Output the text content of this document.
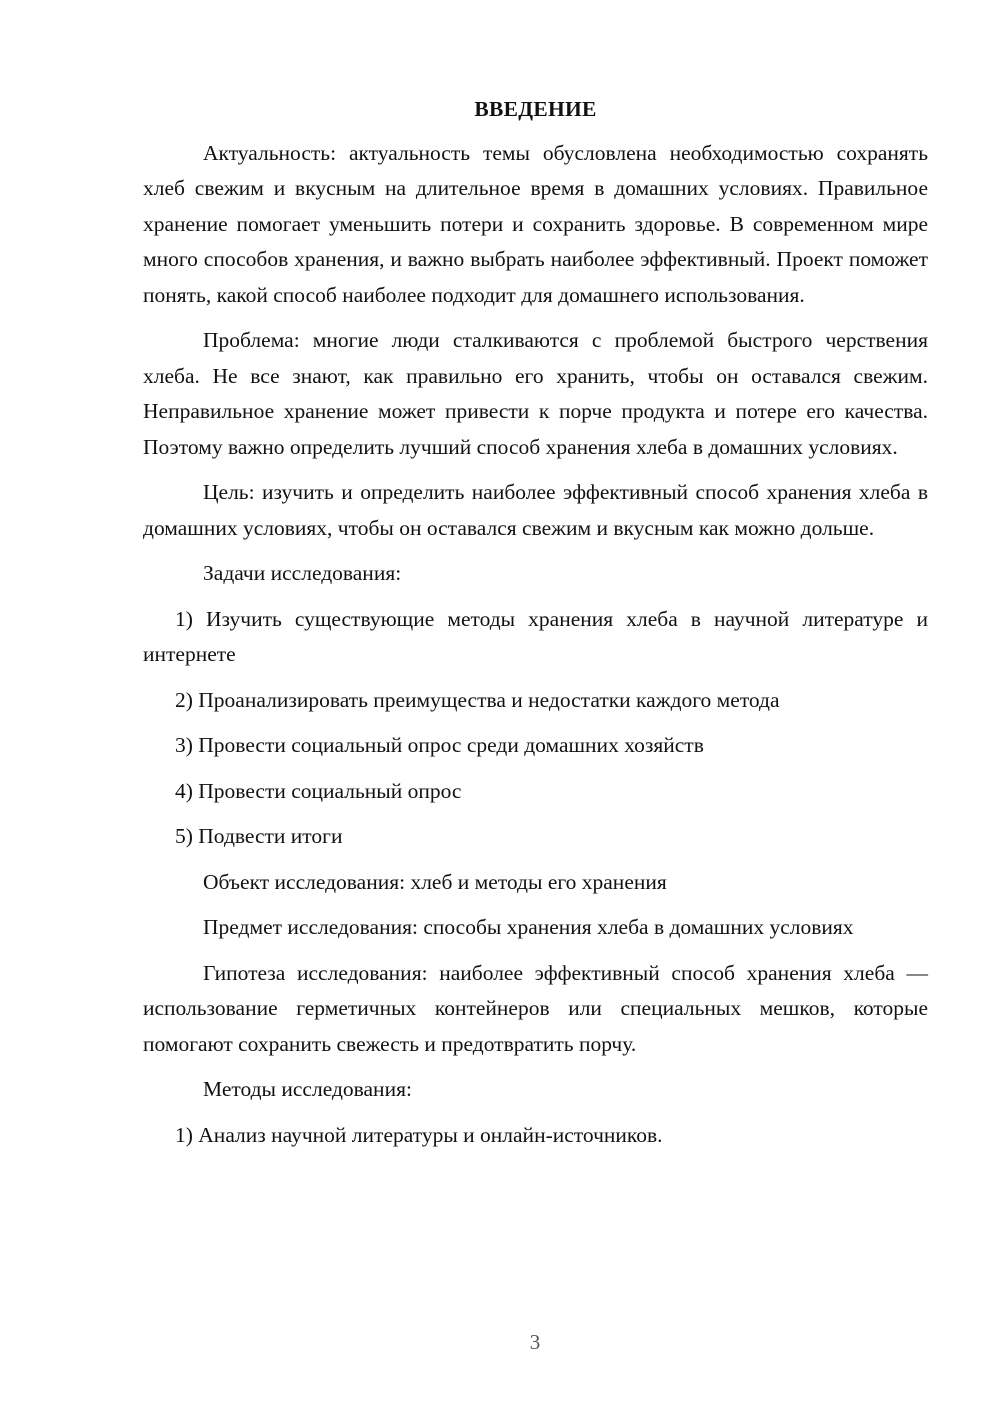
ВВЕДЕНИЕ
Актуальность: актуальность темы обусловлена необходимостью сохранять хлеб свежим и вкусным на длительное время в домашних условиях. Правильное хранение помогает уменьшить потери и сохранить здоровье. В современном мире много способов хранения, и важно выбрать наиболее эффективный. Проект поможет понять, какой способ наиболее подходит для домашнего использования.
Проблема: многие люди сталкиваются с проблемой быстрого черствения хлеба. Не все знают, как правильно его хранить, чтобы он оставался свежим. Неправильное хранение может привести к порче продукта и потере его качества. Поэтому важно определить лучший способ хранения хлеба в домашних условиях.
Цель: изучить и определить наиболее эффективный способ хранения хлеба в домашних условиях, чтобы он оставался свежим и вкусным как можно дольше.
Задачи исследования:
1) Изучить существующие методы хранения хлеба в научной литературе и интернете
2) Проанализировать преимущества и недостатки каждого метода
3) Провести социальный опрос среди домашних хозяйств
4) Провести социальный опрос
5) Подвести итоги
Объект исследования: хлеб и методы его хранения
Предмет исследования: способы хранения хлеба в домашних условиях
Гипотеза исследования: наиболее эффективный способ хранения хлеба — использование герметичных контейнеров или специальных мешков, которые помогают сохранить свежесть и предотвратить порчу.
Методы исследования:
1) Анализ научной литературы и онлайн-источников.
3
